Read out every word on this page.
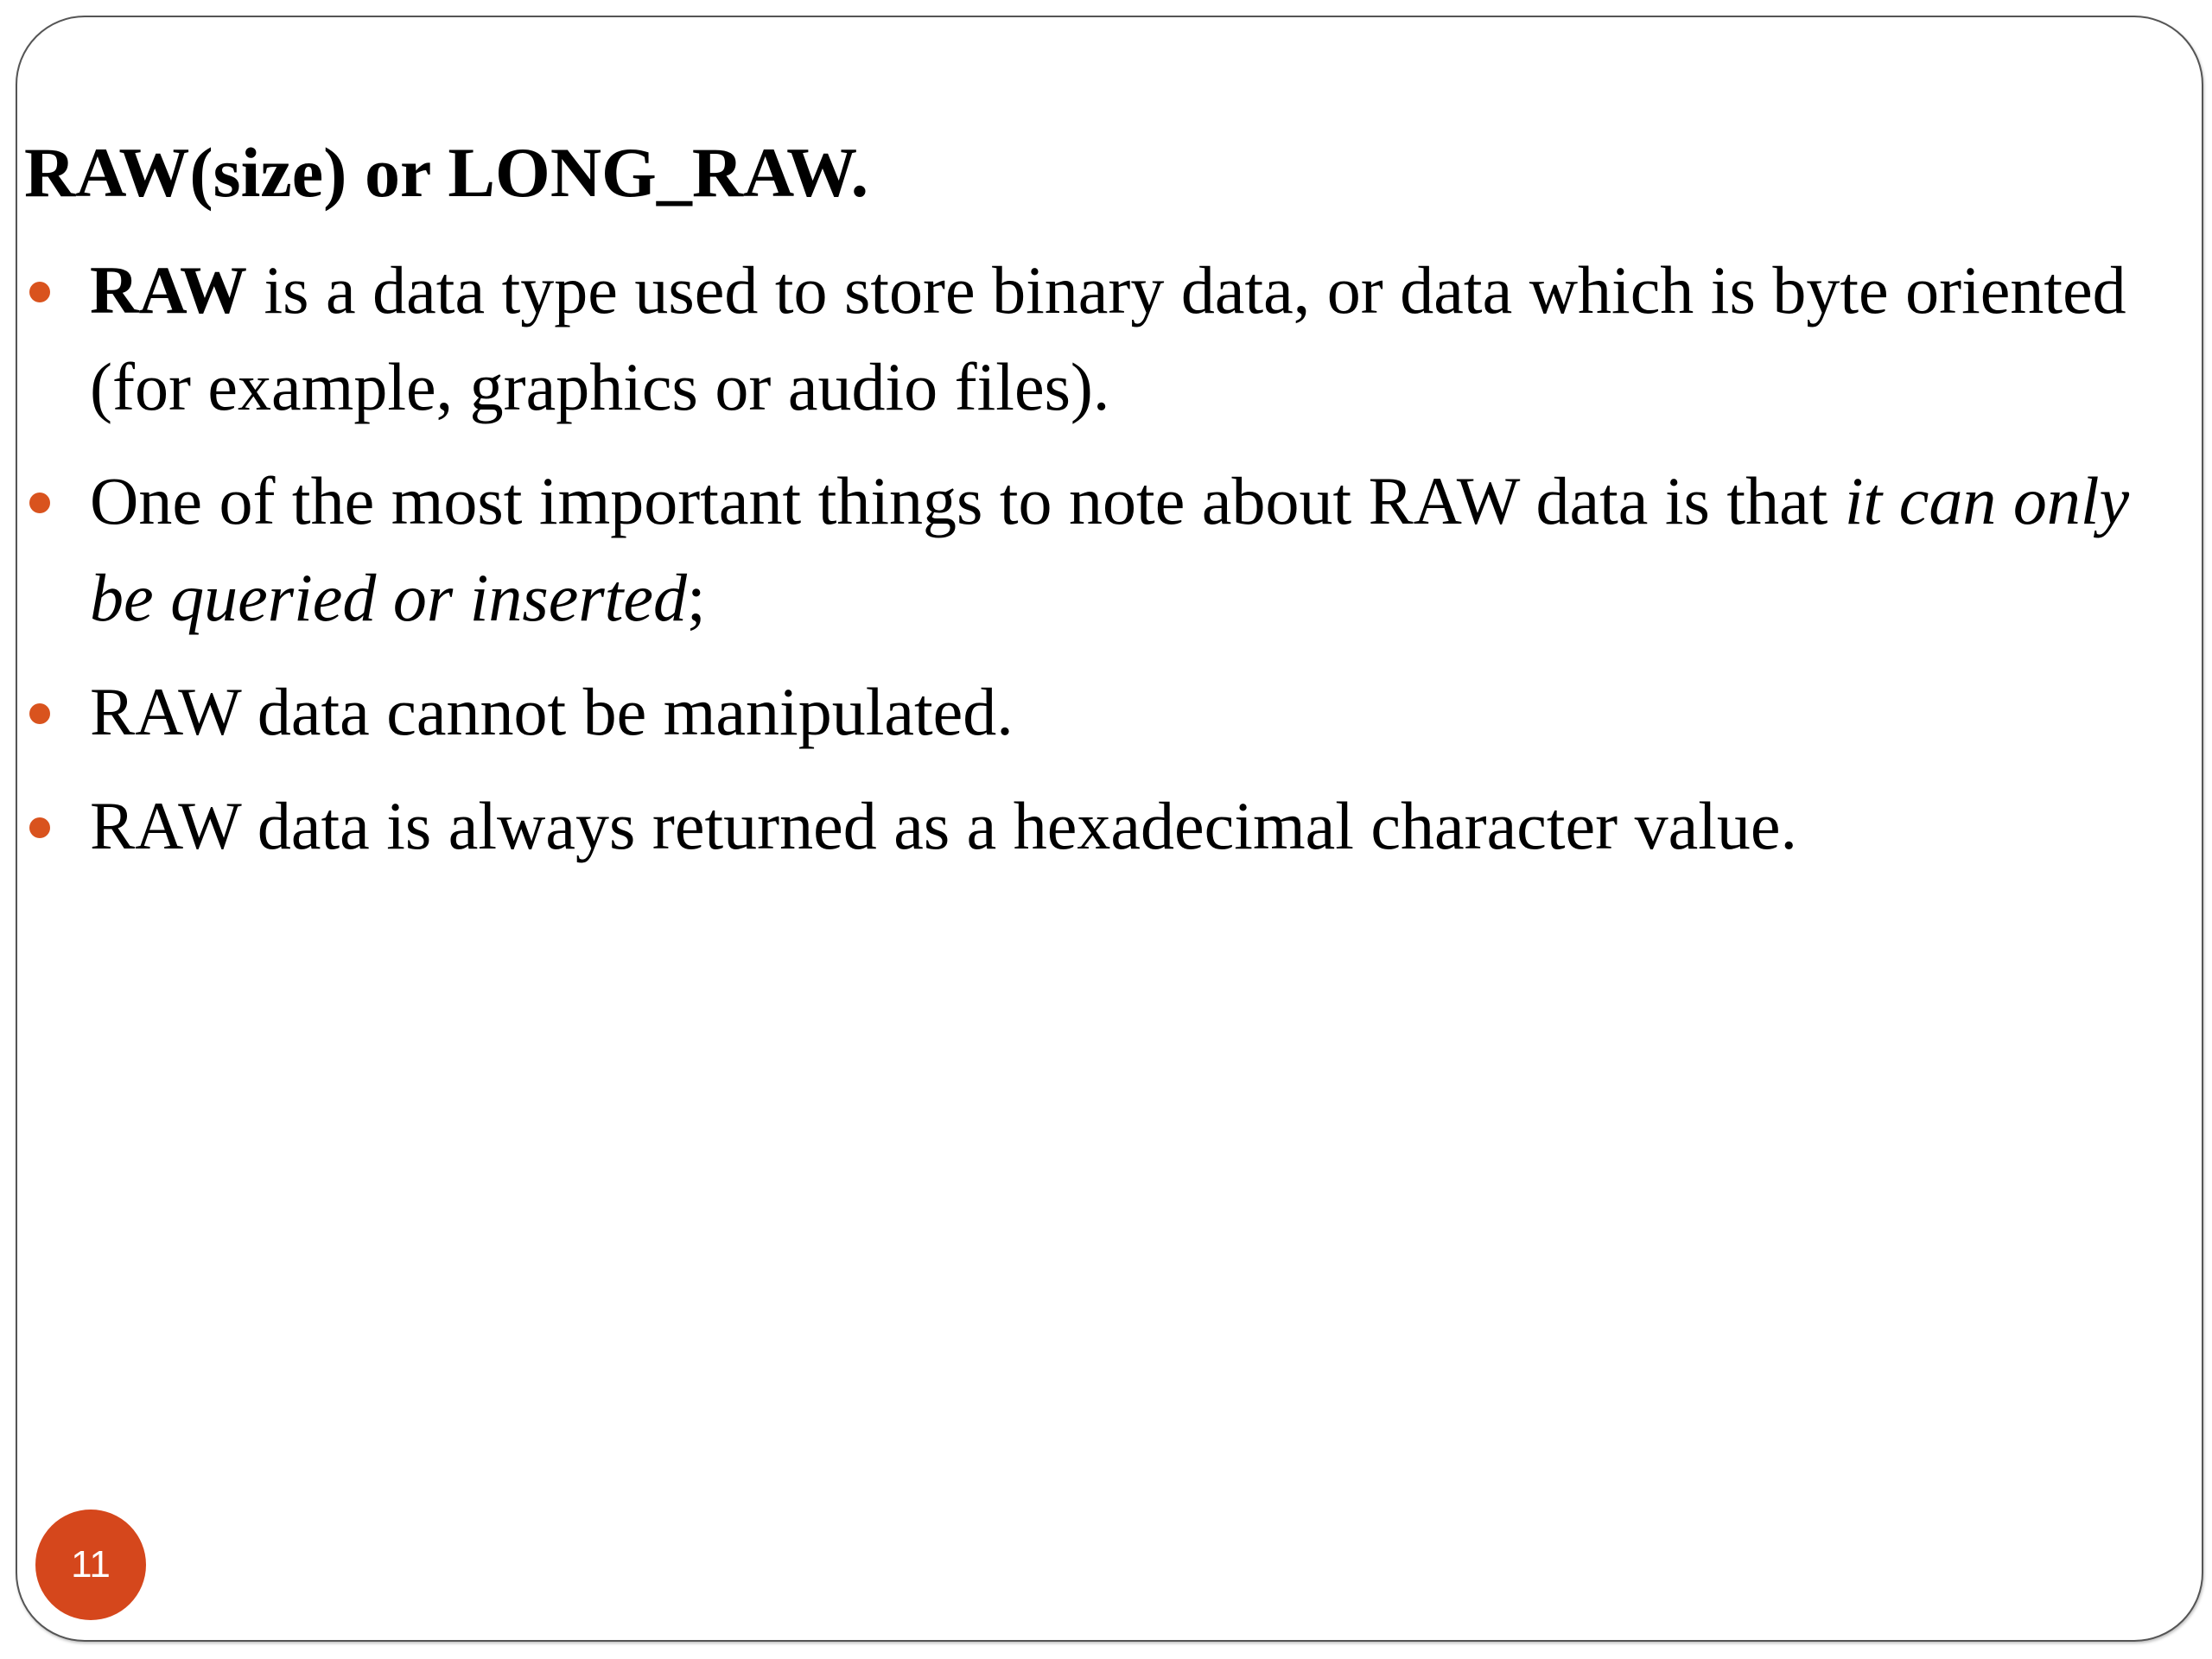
RAW(size) or LONG_RAW.
RAW is a data type used to store binary data, or data which is byte oriented (for example, graphics or audio files).
One of the most important things to note about RAW data is that it can only be queried or inserted;
RAW data cannot be manipulated.
RAW data is always returned as a hexadecimal character value.
11
